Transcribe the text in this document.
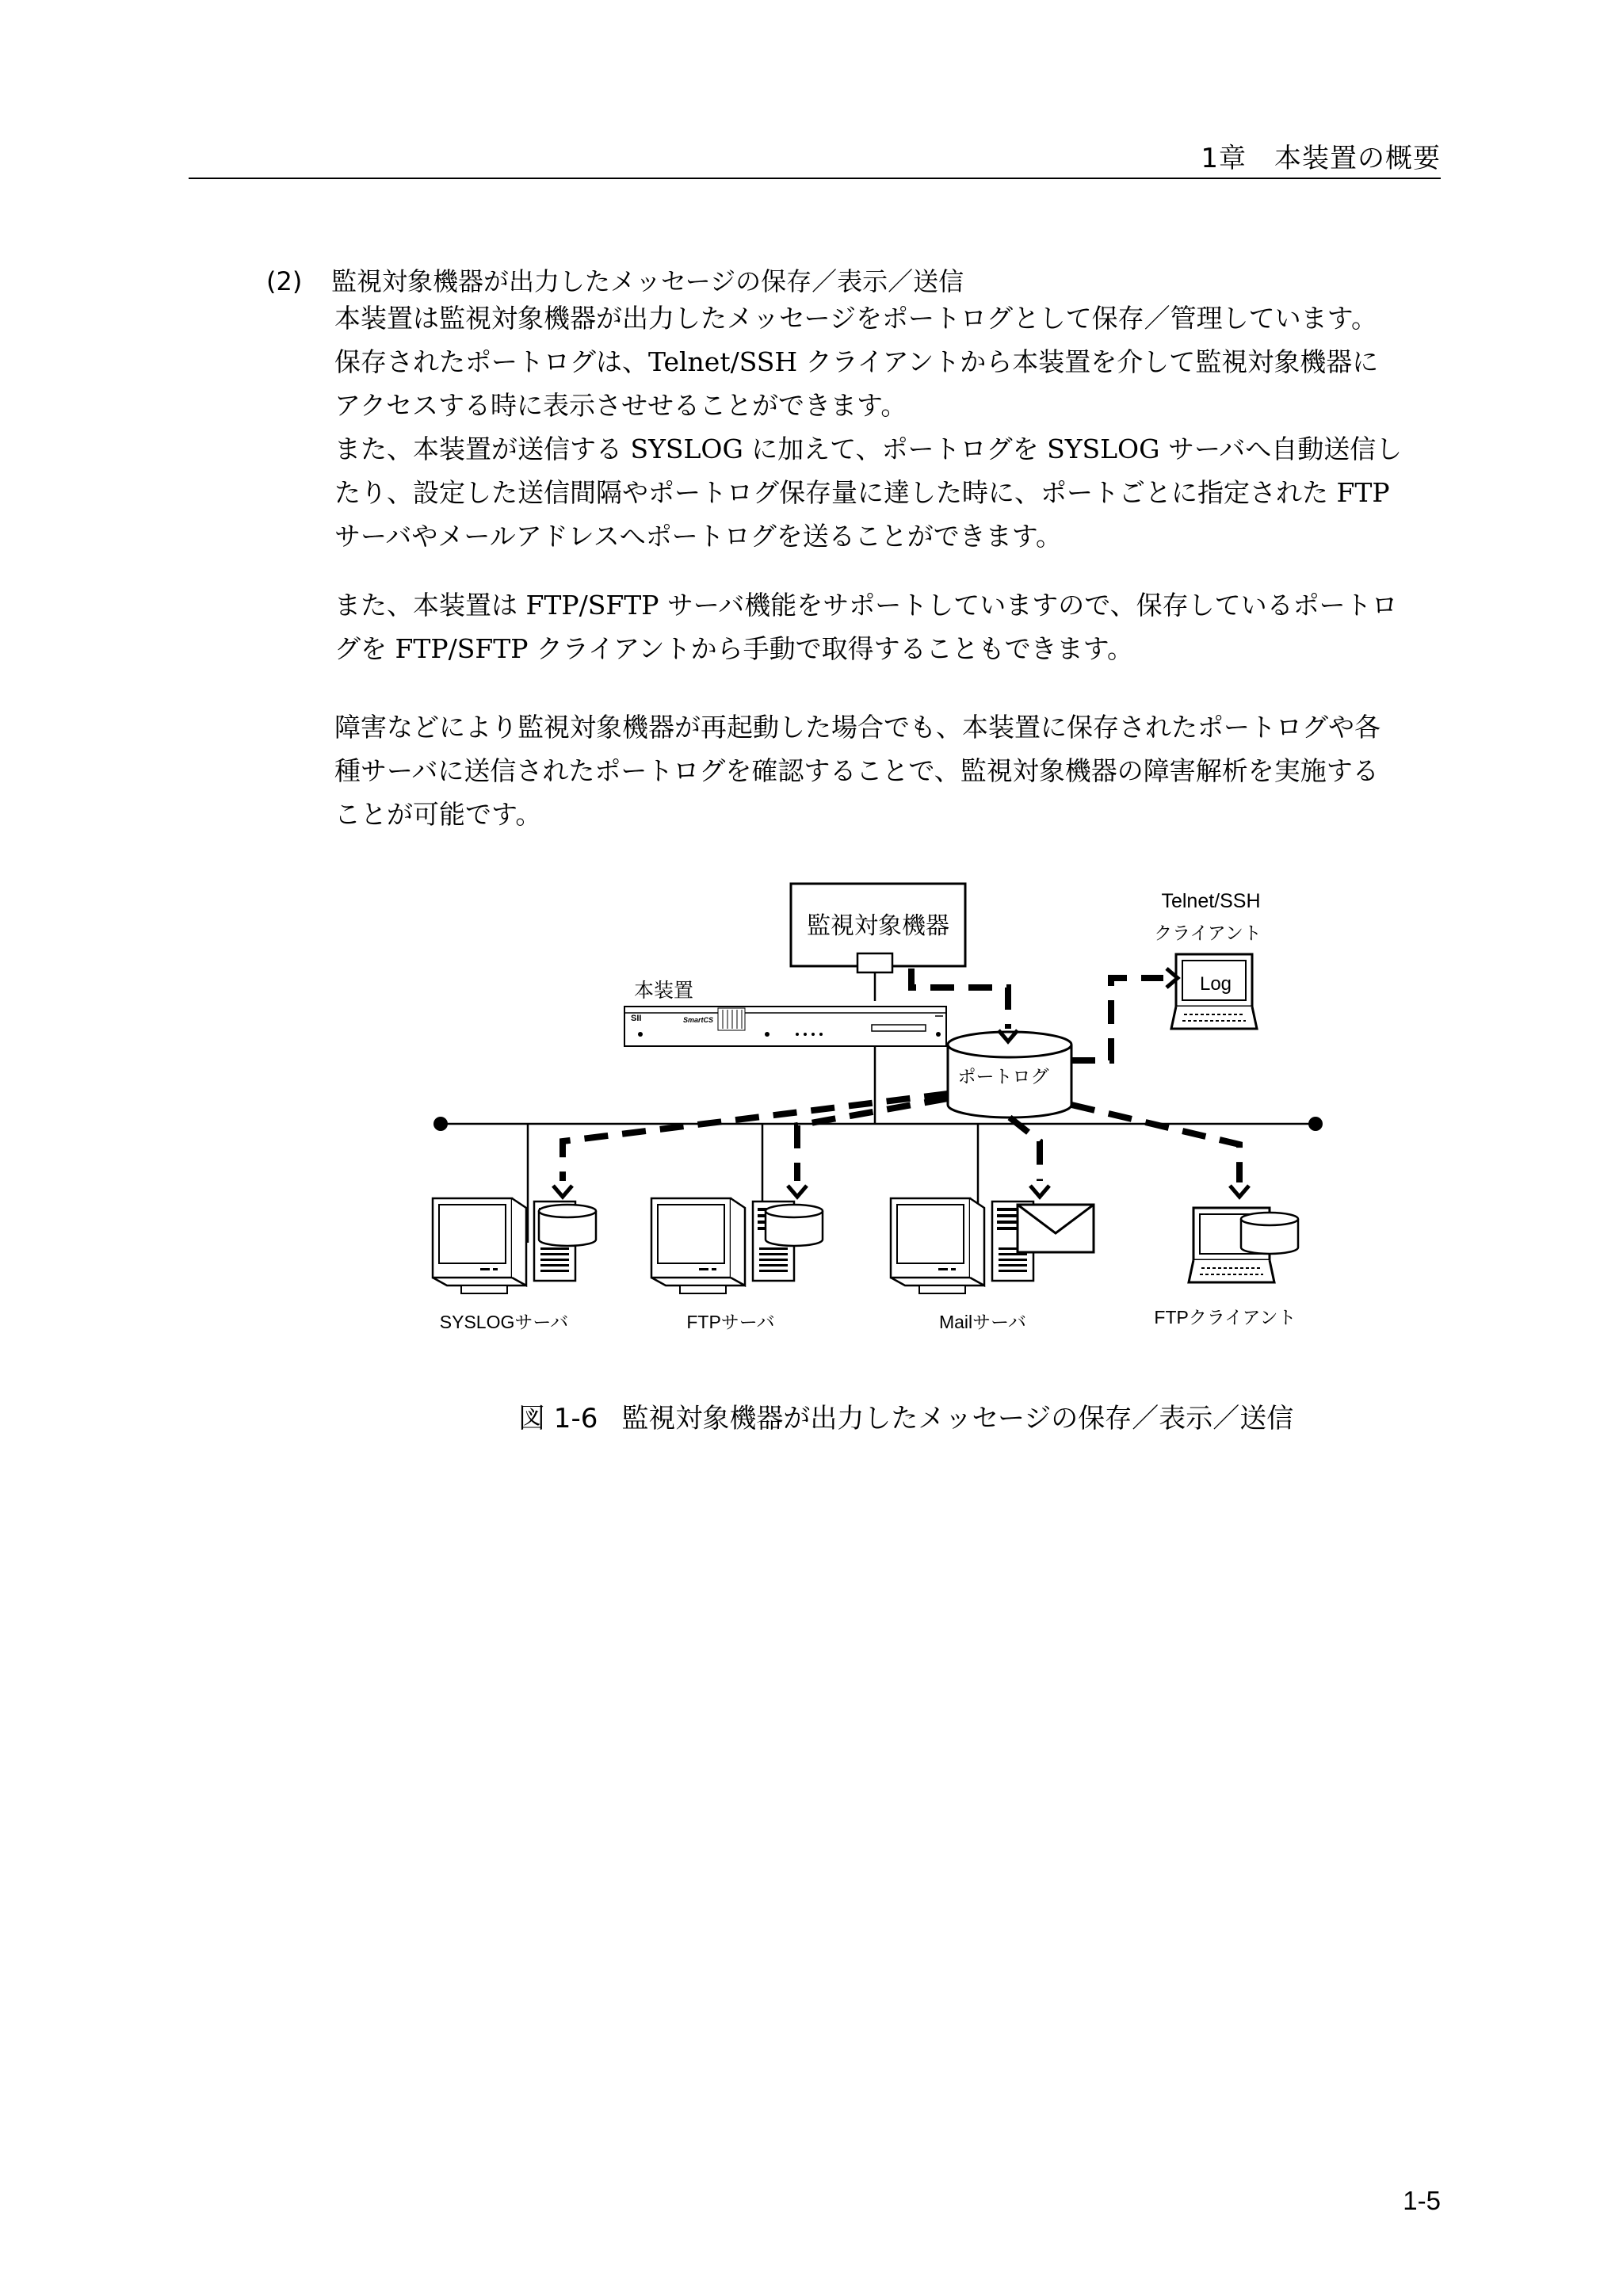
1章　本装置の概要
(2) 監視対象機器が出力したメッセージの保存／表示／送信

本装置は監視対象機器が出力したメッセージをポートログとして保存／管理しています。

保存されたポートログは、Telnet/SSH クライアントから本装置を介して監視対象機器に

アクセスする時に表示させせることができます。

また、本装置が送信する SYSLOG に加えて、ポートログを SYSLOG サーバへ自動送信し

たり、設定した送信間隔やポートログ保存量に達した時に、ポートごとに指定された FTP

サーバやメールアドレスへポートログを送ることができます。

また、本装置は FTP/SFTP サーバ機能をサポートしていますので、保存しているポートロ

グを FTP/SFTP クライアントから手動で取得することもできます。

障害などにより監視対象機器が再起動した場合でも、本装置に保存されたポートログや各

種サーバに送信されたポートログを確認することで、監視対象機器の障害解析を実施する

ことが可能です。

監視対象機器
本装置
SII	SmartCS
ポートログ
Telnet/SSH
クライアント
Log
SYSLOGサーバ	FTPサーバ	Mailサーバ	FTPクライアント
図 1-6 監視対象機器が出力したメッセージの保存／表示／送信
1-5
